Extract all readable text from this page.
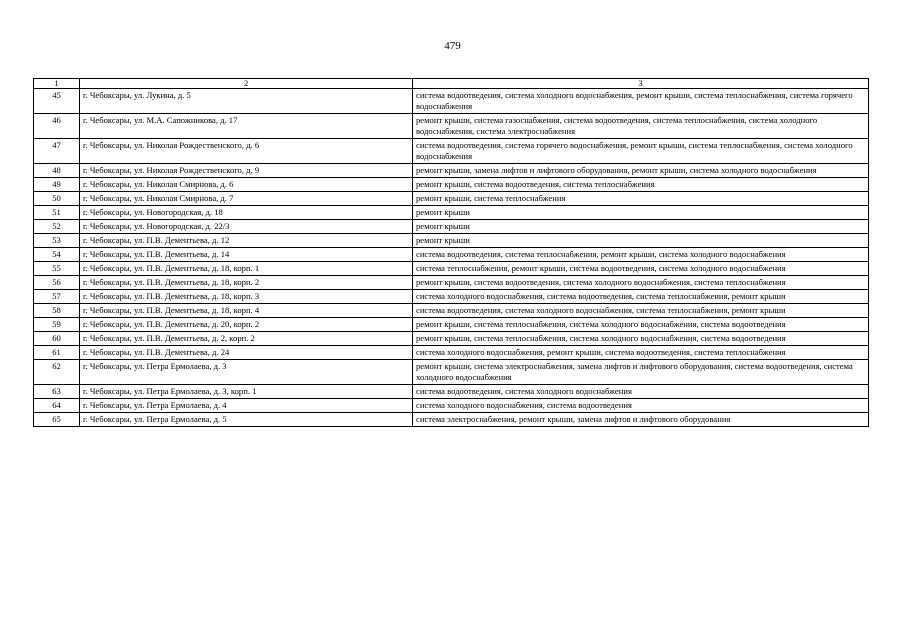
479
1	2	3
45	г. Чебоксары, ул. Лукина, д. 5	система водоотведения, система холодного водоснабжения, ремонт крыши, система теплоснабжения, система горячего водоснабжения
46	г. Чебоксары, ул. М.А. Сапожникова, д. 17	ремонт крыши, система газоснабжения, система водоотведения, система теплоснабжения, система холодного водоснабжения, система электроснабжения
47	г. Чебоксары, ул. Николая Рождественского, д. 6	система водоотведения, система горячего водоснабжения, ремонт крыши, система теплоснабжения, система холодного водоснабжения
48	г. Чебоксары, ул. Николая Рождественского, д. 9	ремонт крыши, замена лифтов и лифтового оборудования, ремонт крыши, система холодного водоснабжения
49	г. Чебоксары, ул. Николая Смирнова, д. 6	ремонт крыши, система водоотведения, система теплоснабжения
50	г. Чебоксары, ул. Николая Смирнова, д. 7	ремонт крыши, система теплоснабжения
51	г. Чебоксары, ул. Новогородская, д. 18	ремонт крыши
52	г. Чебоксары, ул. Новогородская, д. 22/3	ремонт крыши
53	г. Чебоксары, ул. П.В. Дементьева, д. 12	ремонт крыши
54	г. Чебоксары, ул. П.В. Дементьева, д. 14	система водоотведения, система теплоснабжения, ремонт крыши, система холодного водоснабжения
55	г. Чебоксары, ул. П.В. Дементьева, д. 18, корп. 1	система теплоснабжения, ремонт крыши, система водоотведения, система холодного водоснабжения
56	г. Чебоксары, ул. П.В. Дементьева, д. 18, корп. 2	ремонт крыши, система водоотведения, система холодного водоснабжения, система теплоснабжения
57	г. Чебоксары, ул. П.В. Дементьева, д. 18, корп. 3	система холодного водоснабжения, система водоотведения, система теплоснабжения, ремонт крыши
58	г. Чебоксары, ул. П.В. Дементьева, д. 18, корп. 4	система водоотведения, система холодного водоснабжения, система теплоснабжения, ремонт крыши
59	г. Чебоксары, ул. П.В. Дементьева, д. 20, корп. 2	ремонт крыши, система теплоснабжения, система холодного водоснабжения, система водоотведения
60	г. Чебоксары, ул. П.В. Дементьева, д. 2, корп. 2	ремонт крыши, система теплоснабжения, система холодного водоснабжения, система водоотведения
61	г. Чебоксары, ул. П.В. Дементьева, д. 24	система холодного водоснабжения, ремонт крыши, система водоотведения, система теплоснабжения
62	г. Чебоксары, ул. Петра Ермолаева, д. 3	ремонт крыши, система электроснабжения, замена лифтов и лифтового оборудования, система водоотведения, система холодного водоснабжения
63	г. Чебоксары, ул. Петра Ермолаева, д. 3, корп. 1	система водоотведения, система холодного водоснабжения
64	г. Чебоксары, ул. Петра Ермолаева, д. 4	система холодного водоснабжения, система водоотведения
65	г. Чебоксары, ул. Петра Ермолаева, д. 5	система электроснабжения, ремонт крыши, замена лифтов и лифтового оборудования
